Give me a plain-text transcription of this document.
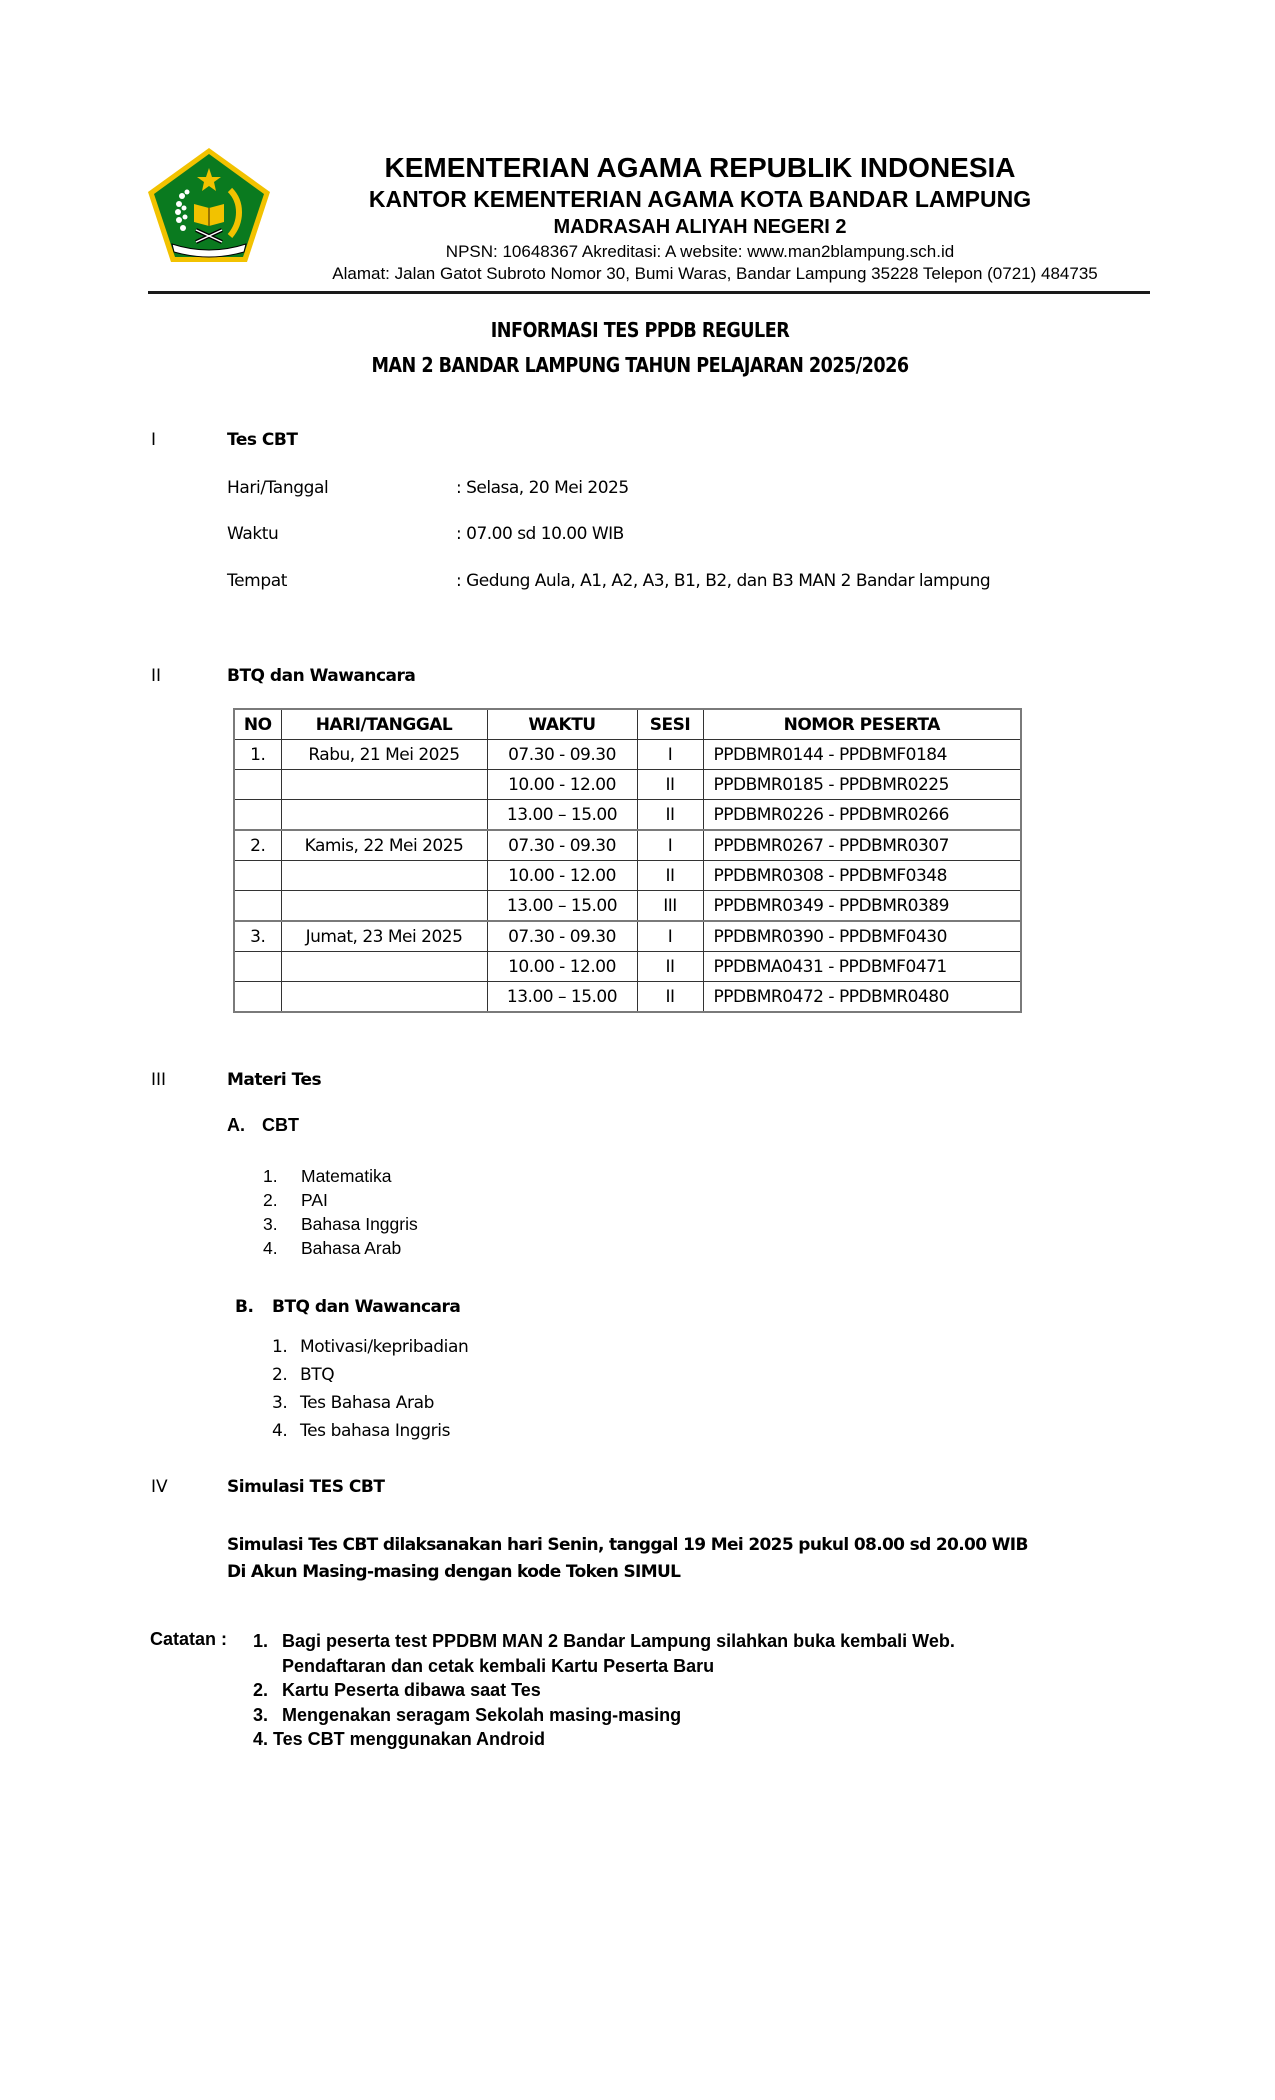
KEMENTERIAN AGAMA REPUBLIK INDONESIA
KANTOR KEMENTERIAN AGAMA KOTA BANDAR LAMPUNG
MADRASAH ALIYAH NEGERI 2
NPSN: 10648367 Akreditasi: A website: www.man2blampung.sch.id
Alamat: Jalan Gatot Subroto Nomor 30, Bumi Waras, Bandar Lampung 35228 Telepon (0721) 484735
INFORMASI TES PPDB REGULER
MAN 2 BANDAR LAMPUNG TAHUN PELAJARAN 2025/2026
I	Tes CBT
Hari/Tanggal	: Selasa, 20 Mei 2025
Waktu	: 07.00 sd 10.00 WIB
Tempat	: Gedung Aula, A1, A2, A3, B1, B2, dan B3 MAN 2 Bandar lampung
II	BTQ dan Wawancara
NO	HARI/TANGGAL	WAKTU	SESI	NOMOR PESERTA
1.	Rabu, 21 Mei 2025	07.30 - 09.30	I	PPDBMR0144 - PPDBMF0184
		10.00 - 12.00	II	PPDBMR0185 - PPDBMR0225
		13.00 – 15.00	II	PPDBMR0226 - PPDBMR0266
2.	Kamis, 22 Mei 2025	07.30 - 09.30	I	PPDBMR0267 - PPDBMR0307
		10.00 - 12.00	II	PPDBMR0308 - PPDBMF0348
		13.00 – 15.00	III	PPDBMR0349 - PPDBMR0389
3.	Jumat, 23 Mei 2025	07.30 - 09.30	I	PPDBMR0390 - PPDBMF0430
		10.00 - 12.00	II	PPDBMA0431 - PPDBMF0471
		13.00 – 15.00	II	PPDBMR0472 - PPDBMR0480
III	Materi Tes
A. CBT
1. Matematika
2. PAI
3. Bahasa Inggris
4. Bahasa Arab
B. BTQ dan Wawancara
1. Motivasi/kepribadian
2. BTQ
3. Tes Bahasa Arab
4. Tes bahasa Inggris
IV	Simulasi TES CBT
Simulasi Tes CBT dilaksanakan hari Senin, tanggal 19 Mei 2025 pukul 08.00 sd 20.00 WIB
Di Akun Masing-masing dengan kode Token SIMUL
Catatan : 1. Bagi peserta test PPDBM MAN 2 Bandar Lampung silahkan buka kembali Web.
Pendaftaran dan cetak kembali Kartu Peserta Baru
2. Kartu Peserta dibawa saat Tes
3. Mengenakan seragam Sekolah masing-masing
4. Tes CBT menggunakan Android
